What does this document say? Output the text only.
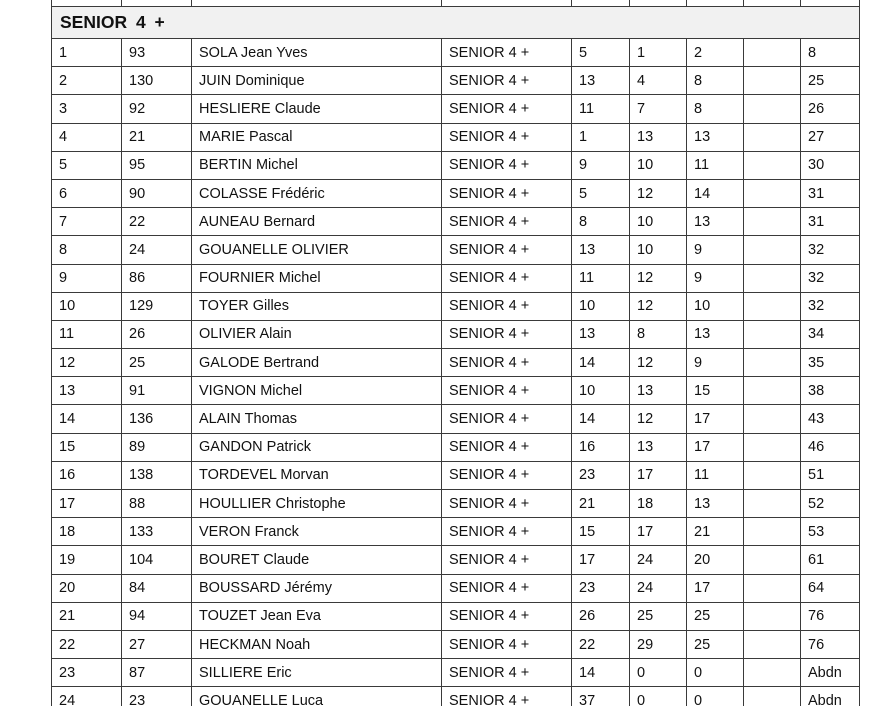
SENIOR 4 +								
1	93	SOLA Jean Yves	SENIOR 4 +	5	1	2		8
2	130	JUIN Dominique	SENIOR 4 +	13	4	8		25
3	92	HESLIERE Claude	SENIOR 4 +	11	7	8		26
4	21	MARIE Pascal	SENIOR 4 +	1	13	13		27
5	95	BERTIN Michel	SENIOR 4 +	9	10	11		30
6	90	COLASSE Frédéric	SENIOR 4 +	5	12	14		31
7	22	AUNEAU Bernard	SENIOR 4 +	8	10	13		31
8	24	GOUANELLE OLIVIER	SENIOR 4 +	13	10	9		32
9	86	FOURNIER Michel	SENIOR 4 +	11	12	9		32
10	129	TOYER Gilles	SENIOR 4 +	10	12	10		32
11	26	OLIVIER Alain	SENIOR 4 +	13	8	13		34
12	25	GALODE Bertrand	SENIOR 4 +	14	12	9		35
13	91	VIGNON Michel	SENIOR 4 +	10	13	15		38
14	136	ALAIN Thomas	SENIOR 4 +	14	12	17		43
15	89	GANDON Patrick	SENIOR 4 +	16	13	17		46
16	138	TORDEVEL Morvan	SENIOR 4 +	23	17	11		51
17	88	HOULLIER Christophe	SENIOR 4 +	21	18	13		52
18	133	VERON Franck	SENIOR 4 +	15	17	21		53
19	104	BOURET Claude	SENIOR 4 +	17	24	20		61
20	84	BOUSSARD Jérémy	SENIOR 4 +	23	24	17		64
21	94	TOUZET Jean Eva	SENIOR 4 +	26	25	25		76
22	27	HECKMAN Noah	SENIOR 4 +	22	29	25		76
23	87	SILLIERE Eric	SENIOR 4 +	14	0	0		Abdn
24	23	GOUANELLE Luca	SENIOR 4 +	37	0	0		Abdn
